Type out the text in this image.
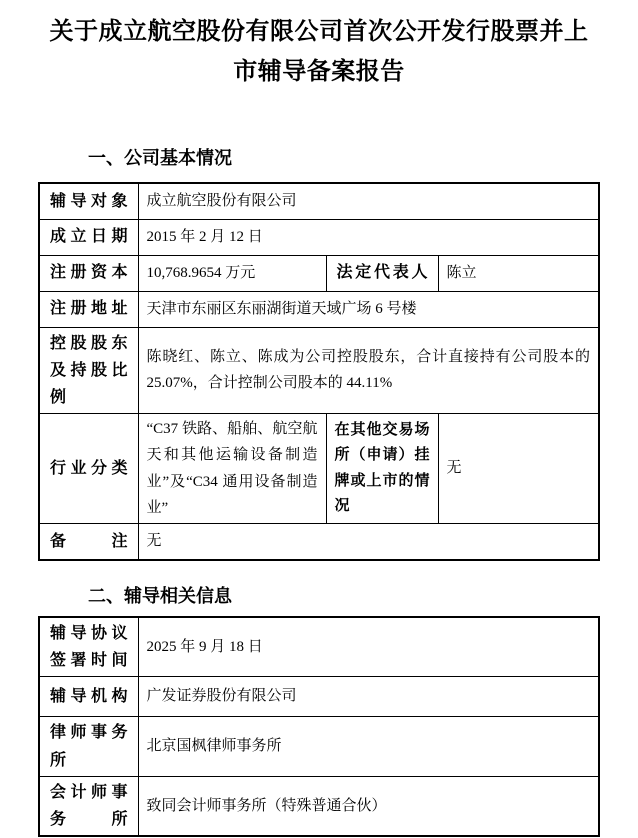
关于成立航空股份有限公司首次公开发行股票并上市辅导备案报告
一、公司基本情况
辅导对象	成立航空股份有限公司		
成立日期	2015 年 2 月 12 日		
注册资本	10,768.9654 万元	法定代表人	陈立
注册地址	天津市东丽区东丽湖街道天域广场 6 号楼		
控股股东及持股比例	陈晓红、陈立、陈成为公司控股股东，合计直接持有公司股本的 25.07%，合计控制公司股本的 44.11%		
行业分类	“C37 铁路、船舶、航空航天和其他运输设备制造业”及“C34 通用设备制造业”	在其他交易场所（申请）挂牌或上市的情况	无
备注	无		
二、辅导相关信息
辅导协议签署时间	2025 年 9 月 18 日
辅导机构	广发证券股份有限公司
律师事务所	北京国枫律师事务所
会计师事务所	致同会计师事务所（特殊普通合伙）
